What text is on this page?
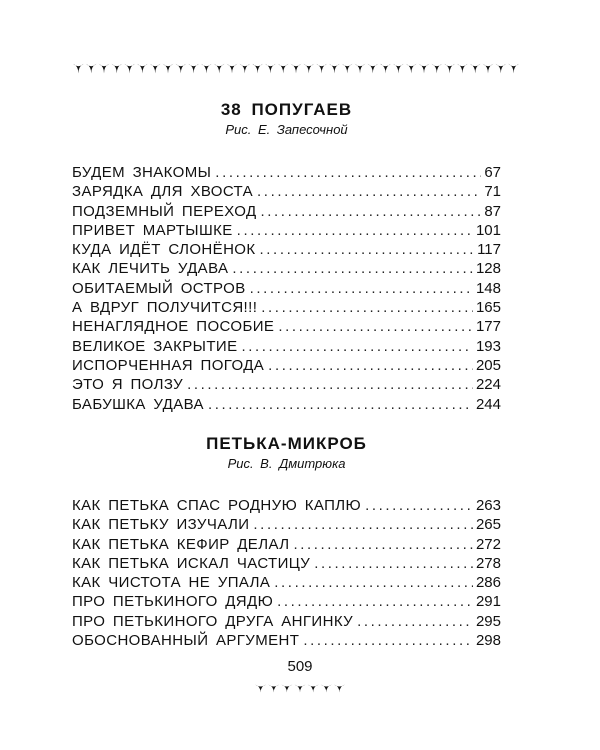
38 ПОПУГАЕВ

Рис. Е. Запесочной

БУДЕМ ЗНАКОМЫ .....	67
ЗАРЯДКА ДЛЯ ХВОСТА .....	71
ПОДЗЕМНЫЙ ПЕРЕХОД .....	87
ПРИВЕТ МАРТЫШКЕ .....	101
КУДА ИДЁТ СЛОНЁНОК .....	117
КАК ЛЕЧИТЬ УДАВА .....	128
ОБИТАЕМЫЙ ОСТРОВ .....	148
А ВДРУГ ПОЛУЧИТСЯ!!! .....	165
НЕНАГЛЯДНОЕ ПОСОБИЕ .....	177
ВЕЛИКОЕ ЗАКРЫТИЕ .....	193
ИСПОРЧЕННАЯ ПОГОДА .....	205
ЭТО Я ПОЛЗУ .....	224
БАБУШКА УДАВА .....	244
ПЕТЬКА-МИКРОБ

Рис. В. Дмитрюка

КАК ПЕТЬКА СПАС РОДНУЮ КАПЛЮ .....	263
КАК ПЕТЬКУ ИЗУЧАЛИ .....	265
КАК ПЕТЬКА КЕФИР ДЕЛАЛ .....	272
КАК ПЕТЬКА ИСКАЛ ЧАСТИЦУ .....	278
КАК ЧИСТОТА НЕ УПАЛА .....	286
ПРО ПЕТЬКИНОГО ДЯДЮ .....	291
ПРО ПЕТЬКИНОГО ДРУГА АНГИНКУ .....	295
ОБОСНОВАННЫЙ АРГУМЕНТ .....	298

509
